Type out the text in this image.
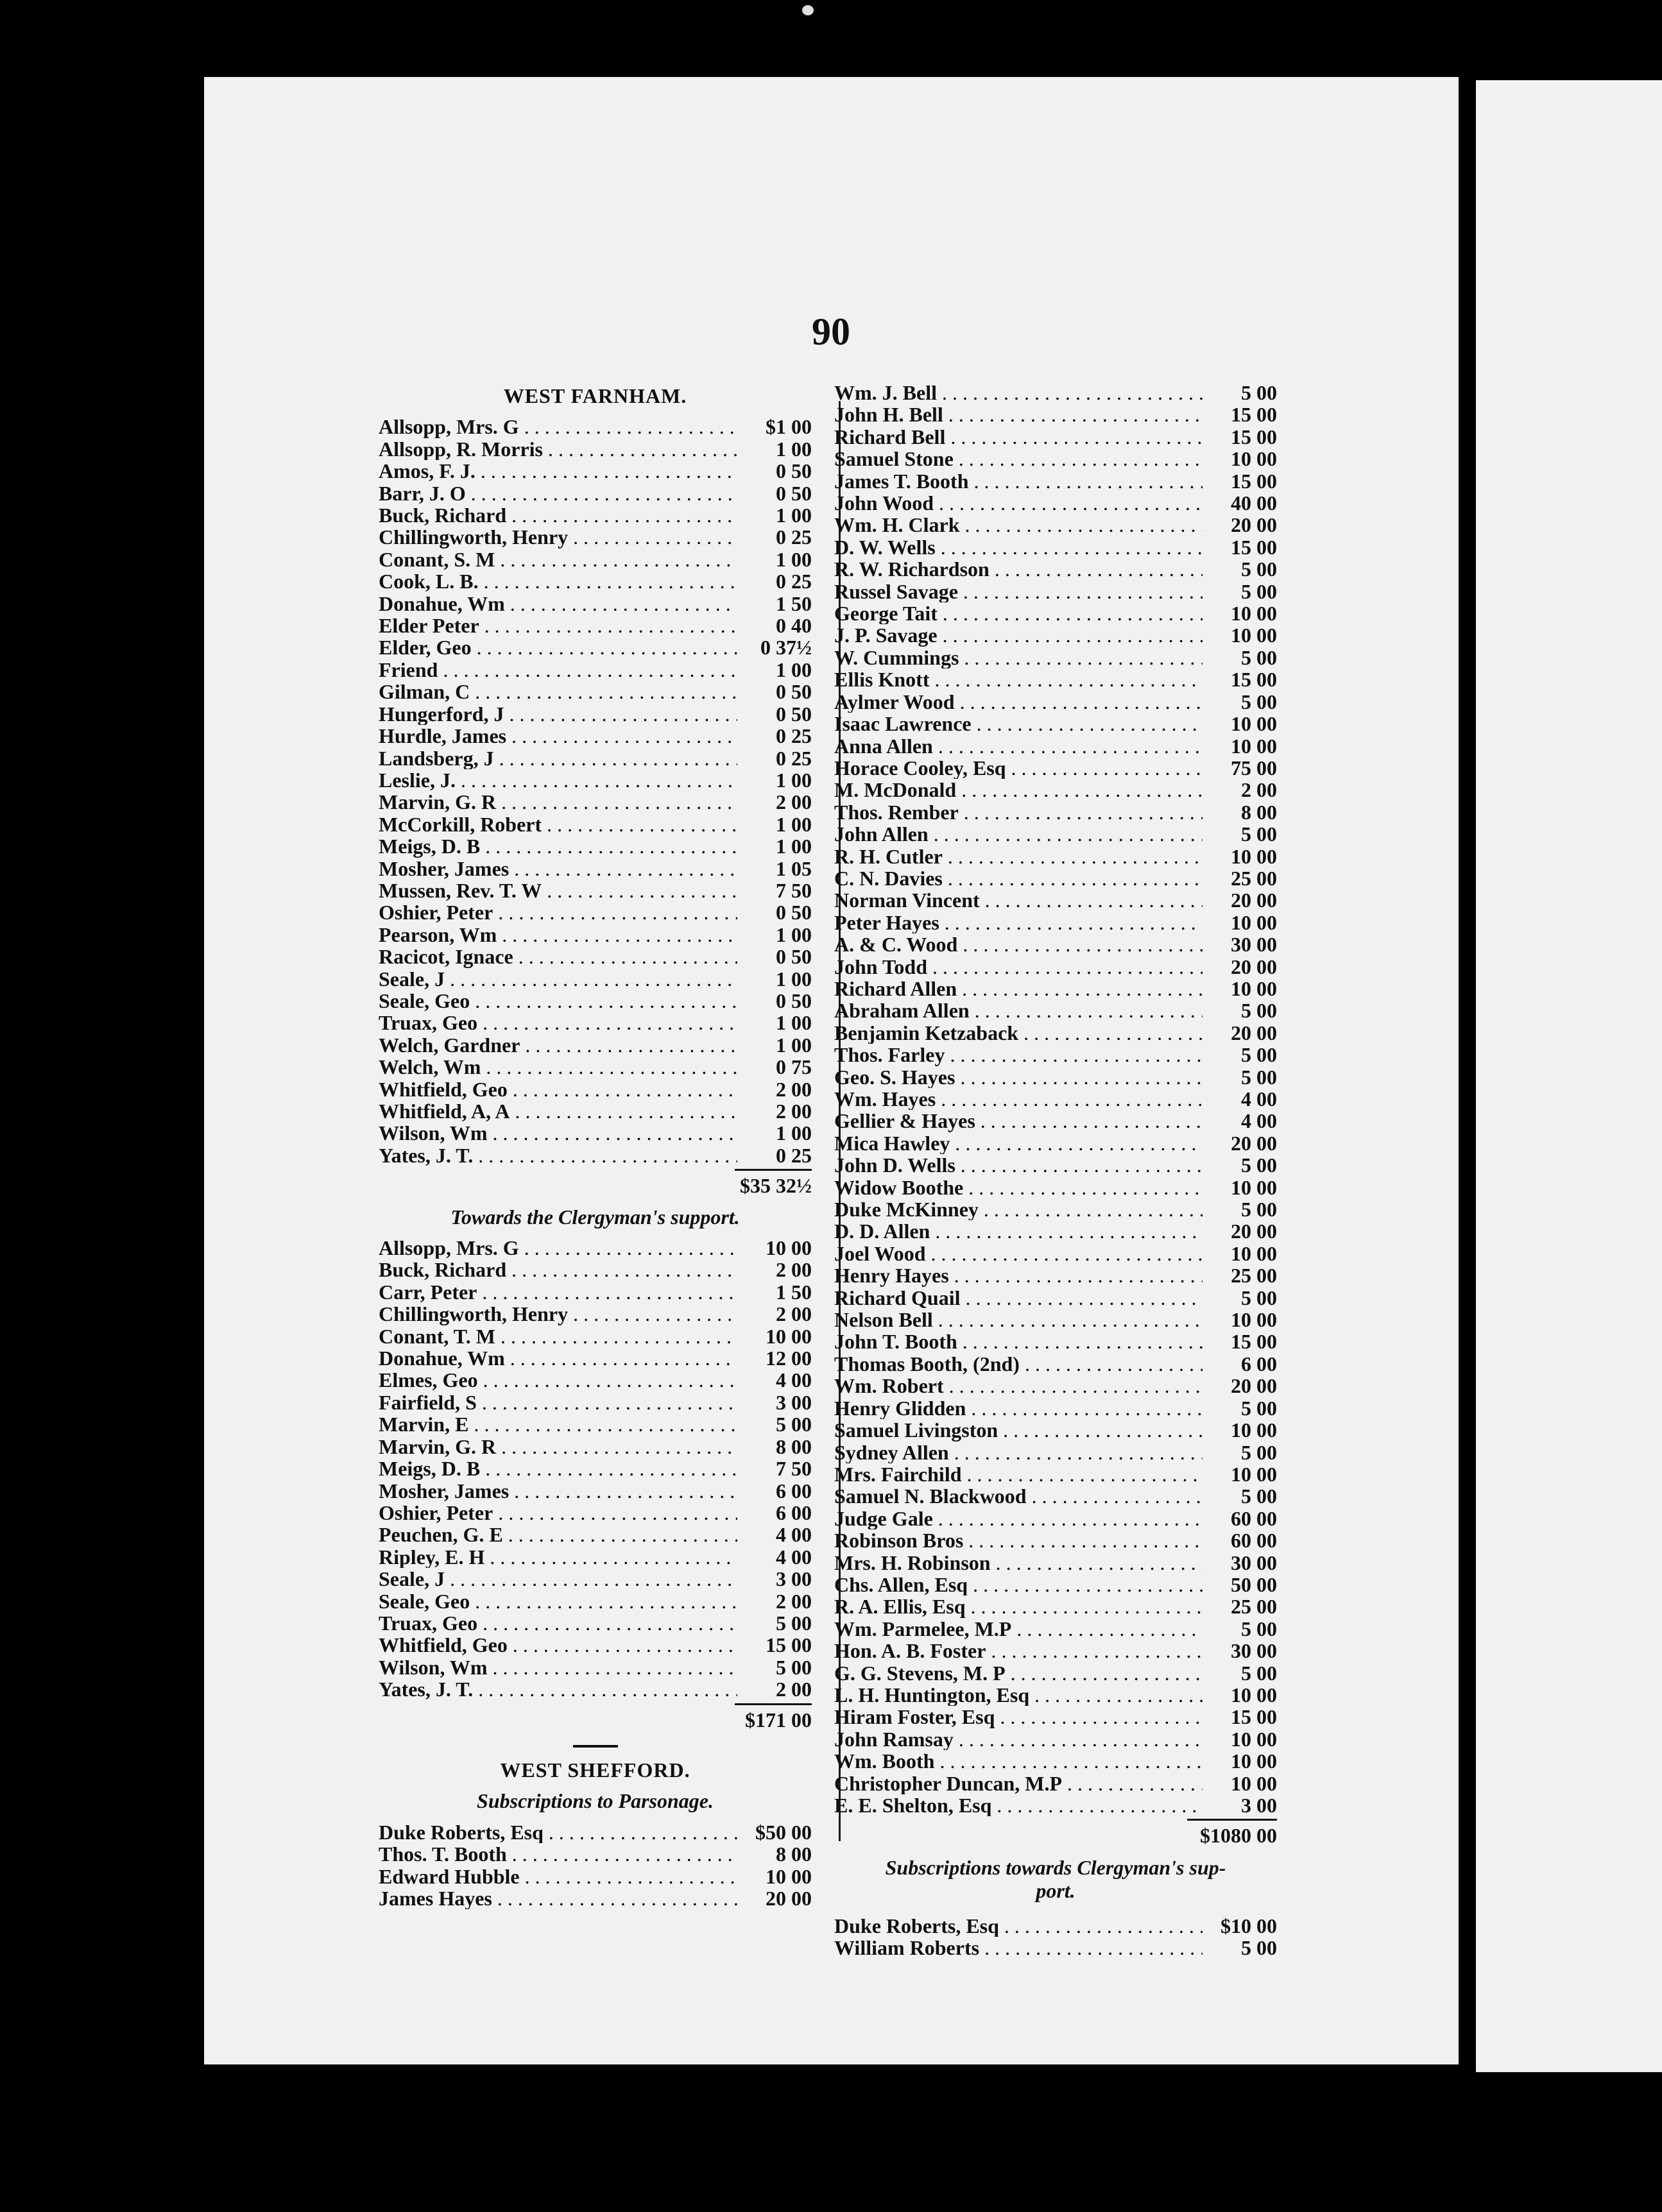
90
WEST FARNHAM.
Allsopp, Mrs. G . . .	$1 00
Allsopp, R. Morris . . .	1 00
Amos, F. J. . . .	0 50
Barr, J. O . . .	0 50
Buck, Richard . . .	1 00
Chillingworth, Henry . . .	0 25
Conant, S. M . . .	1 00
Cook, L. B. . . .	0 25
Donahue, Wm . . .	1 50
Elder Peter . . .	0 40
Elder, Geo . . .	0 37½
Friend . . .	1 00
Gilman, C . . .	0 50
Hungerford, J . . .	0 50
Hurdle, James . . .	0 25
Landsberg, J . . .	0 25
Leslie, J. . . .	1 00
Marvin, G. R . . .	2 00
McCorkill, Robert . . .	1 00
Meigs, D. B . . .	1 00
Mosher, James . . .	1 05
Mussen, Rev. T. W . . .	7 50
Oshier, Peter . . .	0 50
Pearson, Wm . . .	1 00
Racicot, Ignace . . .	0 50
Seale, J . . .	1 00
Seale, Geo . . .	0 50
Truax, Geo . . .	1 00
Welch, Gardner . . .	1 00
Welch, Wm . . .	0 75
Whitfield, Geo . . .	2 00
Whitfield, A, A . . .	2 00
Wilson, Wm . . .	1 00
Yates, J. T. . . .	0 25
$35 32½
Towards the Clergyman's support.
Allsopp, Mrs. G . . .	10 00
Buck, Richard . . .	2 00
Carr, Peter . . .	1 50
Chillingworth, Henry . . .	2 00
Conant, T. M . . .	10 00
Donahue, Wm . . .	12 00
Elmes, Geo . . .	4 00
Fairfield, S . . .	3 00
Marvin, E . . .	5 00
Marvin, G. R . . .	8 00
Meigs, D. B . . .	7 50
Mosher, James . . .	6 00
Oshier, Peter . . .	6 00
Peuchen, G. E . . .	4 00
Ripley, E. H . . .	4 00
Seale, J . . .	3 00
Seale, Geo . . .	2 00
Truax, Geo . . .	5 00
Whitfield, Geo . . .	15 00
Wilson, Wm . . .	5 00
Yates, J. T. . . .	2 00
$171 00
WEST SHEFFORD.
Subscriptions to Parsonage.
Duke Roberts, Esq . . .	$50 00
Thos. T. Booth . . .	8 00
Edward Hubble . . .	10 00
James Hayes . . .	20 00
Wm. J. Bell . . .	5 00
John H. Bell . . .	15 00
Richard Bell . . .	15 00
Samuel Stone . . .	10 00
James T. Booth . . .	15 00
John Wood . . .	40 00
Wm. H. Clark . . .	20 00
D. W. Wells . . .	15 00
R. W. Richardson . . .	5 00
Russel Savage . . .	5 00
George Tait . . .	10 00
J. P. Savage . . .	10 00
W. Cummings . . .	5 00
Ellis Knott . . .	15 00
Aylmer Wood . . .	5 00
Isaac Lawrence . . .	10 00
Anna Allen . . .	10 00
Horace Cooley, Esq . . .	75 00
M. McDonald . . .	2 00
Thos. Rember . . .	8 00
John Allen . . .	5 00
R. H. Cutler . . .	10 00
C. N. Davies . . .	25 00
Norman Vincent . . .	20 00
Peter Hayes . . .	10 00
A. & C. Wood . . .	30 00
John Todd . . .	20 00
Richard Allen . . .	10 00
Abraham Allen . . .	5 00
Benjamin Ketzaback . . .	20 00
Thos. Farley . . .	5 00
Geo. S. Hayes . . .	5 00
Wm. Hayes . . .	4 00
Gellier & Hayes . . .	4 00
Mica Hawley . . .	20 00
John D. Wells . . .	5 00
Widow Boothe . . .	10 00
Duke McKinney . . .	5 00
D. D. Allen . . .	20 00
Joel Wood . . .	10 00
Henry Hayes . . .	25 00
Richard Quail . . .	5 00
Nelson Bell . . .	10 00
John T. Booth . . .	15 00
Thomas Booth, (2nd) . . .	6 00
Wm. Robert . . .	20 00
Henry Glidden . . .	5 00
Samuel Livingston . . .	10 00
Sydney Allen . . .	5 00
Mrs. Fairchild . . .	10 00
Samuel N. Blackwood . . .	5 00
Judge Gale . . .	60 00
Robinson Bros . . .	60 00
Mrs. H. Robinson . . .	30 00
Chs. Allen, Esq . . .	50 00
R. A. Ellis, Esq . . .	25 00
Wm. Parmelee, M.P . . .	5 00
Hon. A. B. Foster . . .	30 00
G. G. Stevens, M. P . . .	5 00
L. H. Huntington, Esq . . .	10 00
Hiram Foster, Esq . . .	15 00
John Ramsay . . .	10 00
Wm. Booth . . .	10 00
Christopher Duncan, M.P . . .	10 00
E. E. Shelton, Esq . . .	3 00
$1080 00
Subscriptions towards Clergyman's sup-
port.
Duke Roberts, Esq . . .	$10 00
William Roberts . . .	5 00
